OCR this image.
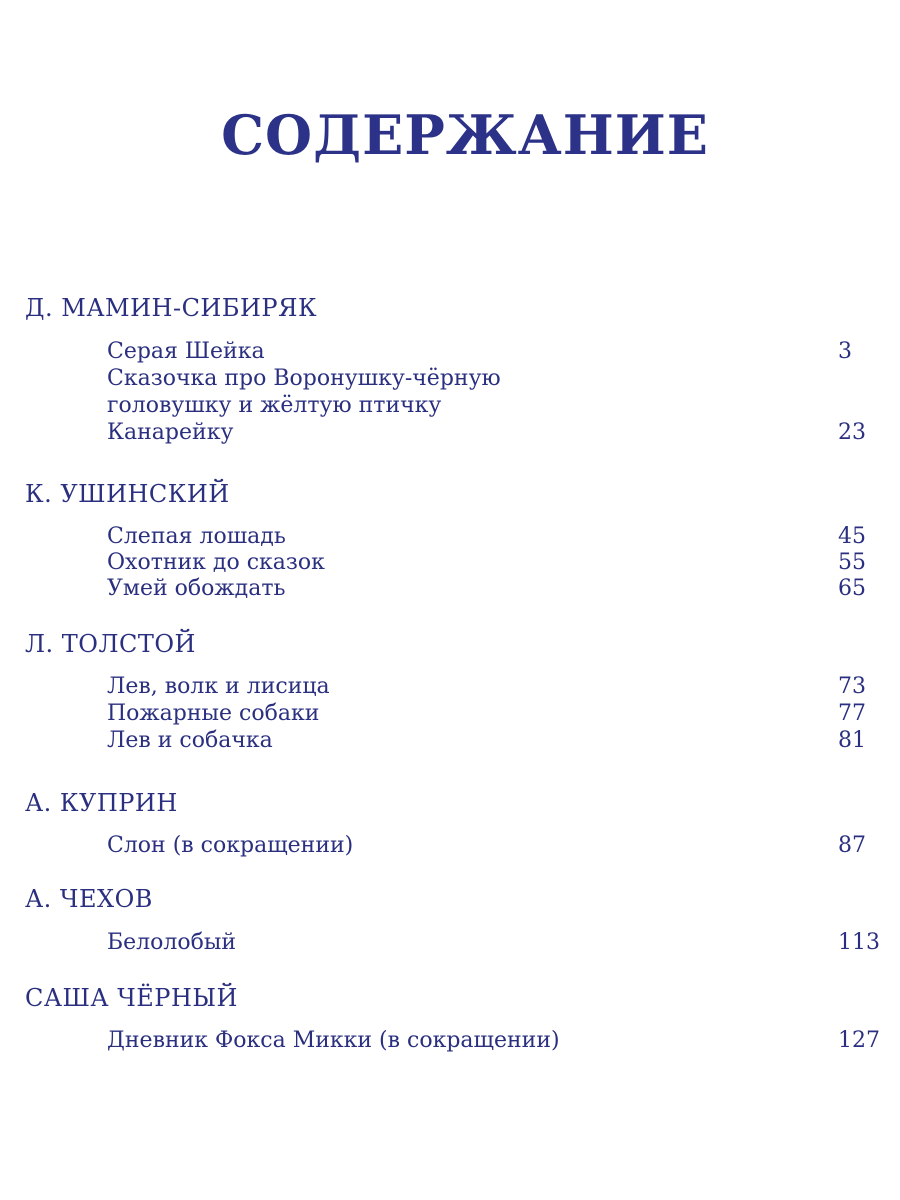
СОДЕРЖАНИЕ
Д. МАМИН-СИБИРЯК
Серая Шейка	3
Сказочка про Воронушку-чёрную
головушку и жёлтую птичку
Канарейку	23
К. УШИНСКИЙ
Слепая лошадь	45
Охотник до сказок	55
Умей обождать	65
Л. ТОЛСТОЙ
Лев, волк и лисица	73
Пожарные собаки	77
Лев и собачка	81
А. КУПРИН
Слон (в сокращении)	87
А. ЧЕХОВ
Белолобый	113
САША ЧЁРНЫЙ
Дневник Фокса Микки (в сокращении)	127
